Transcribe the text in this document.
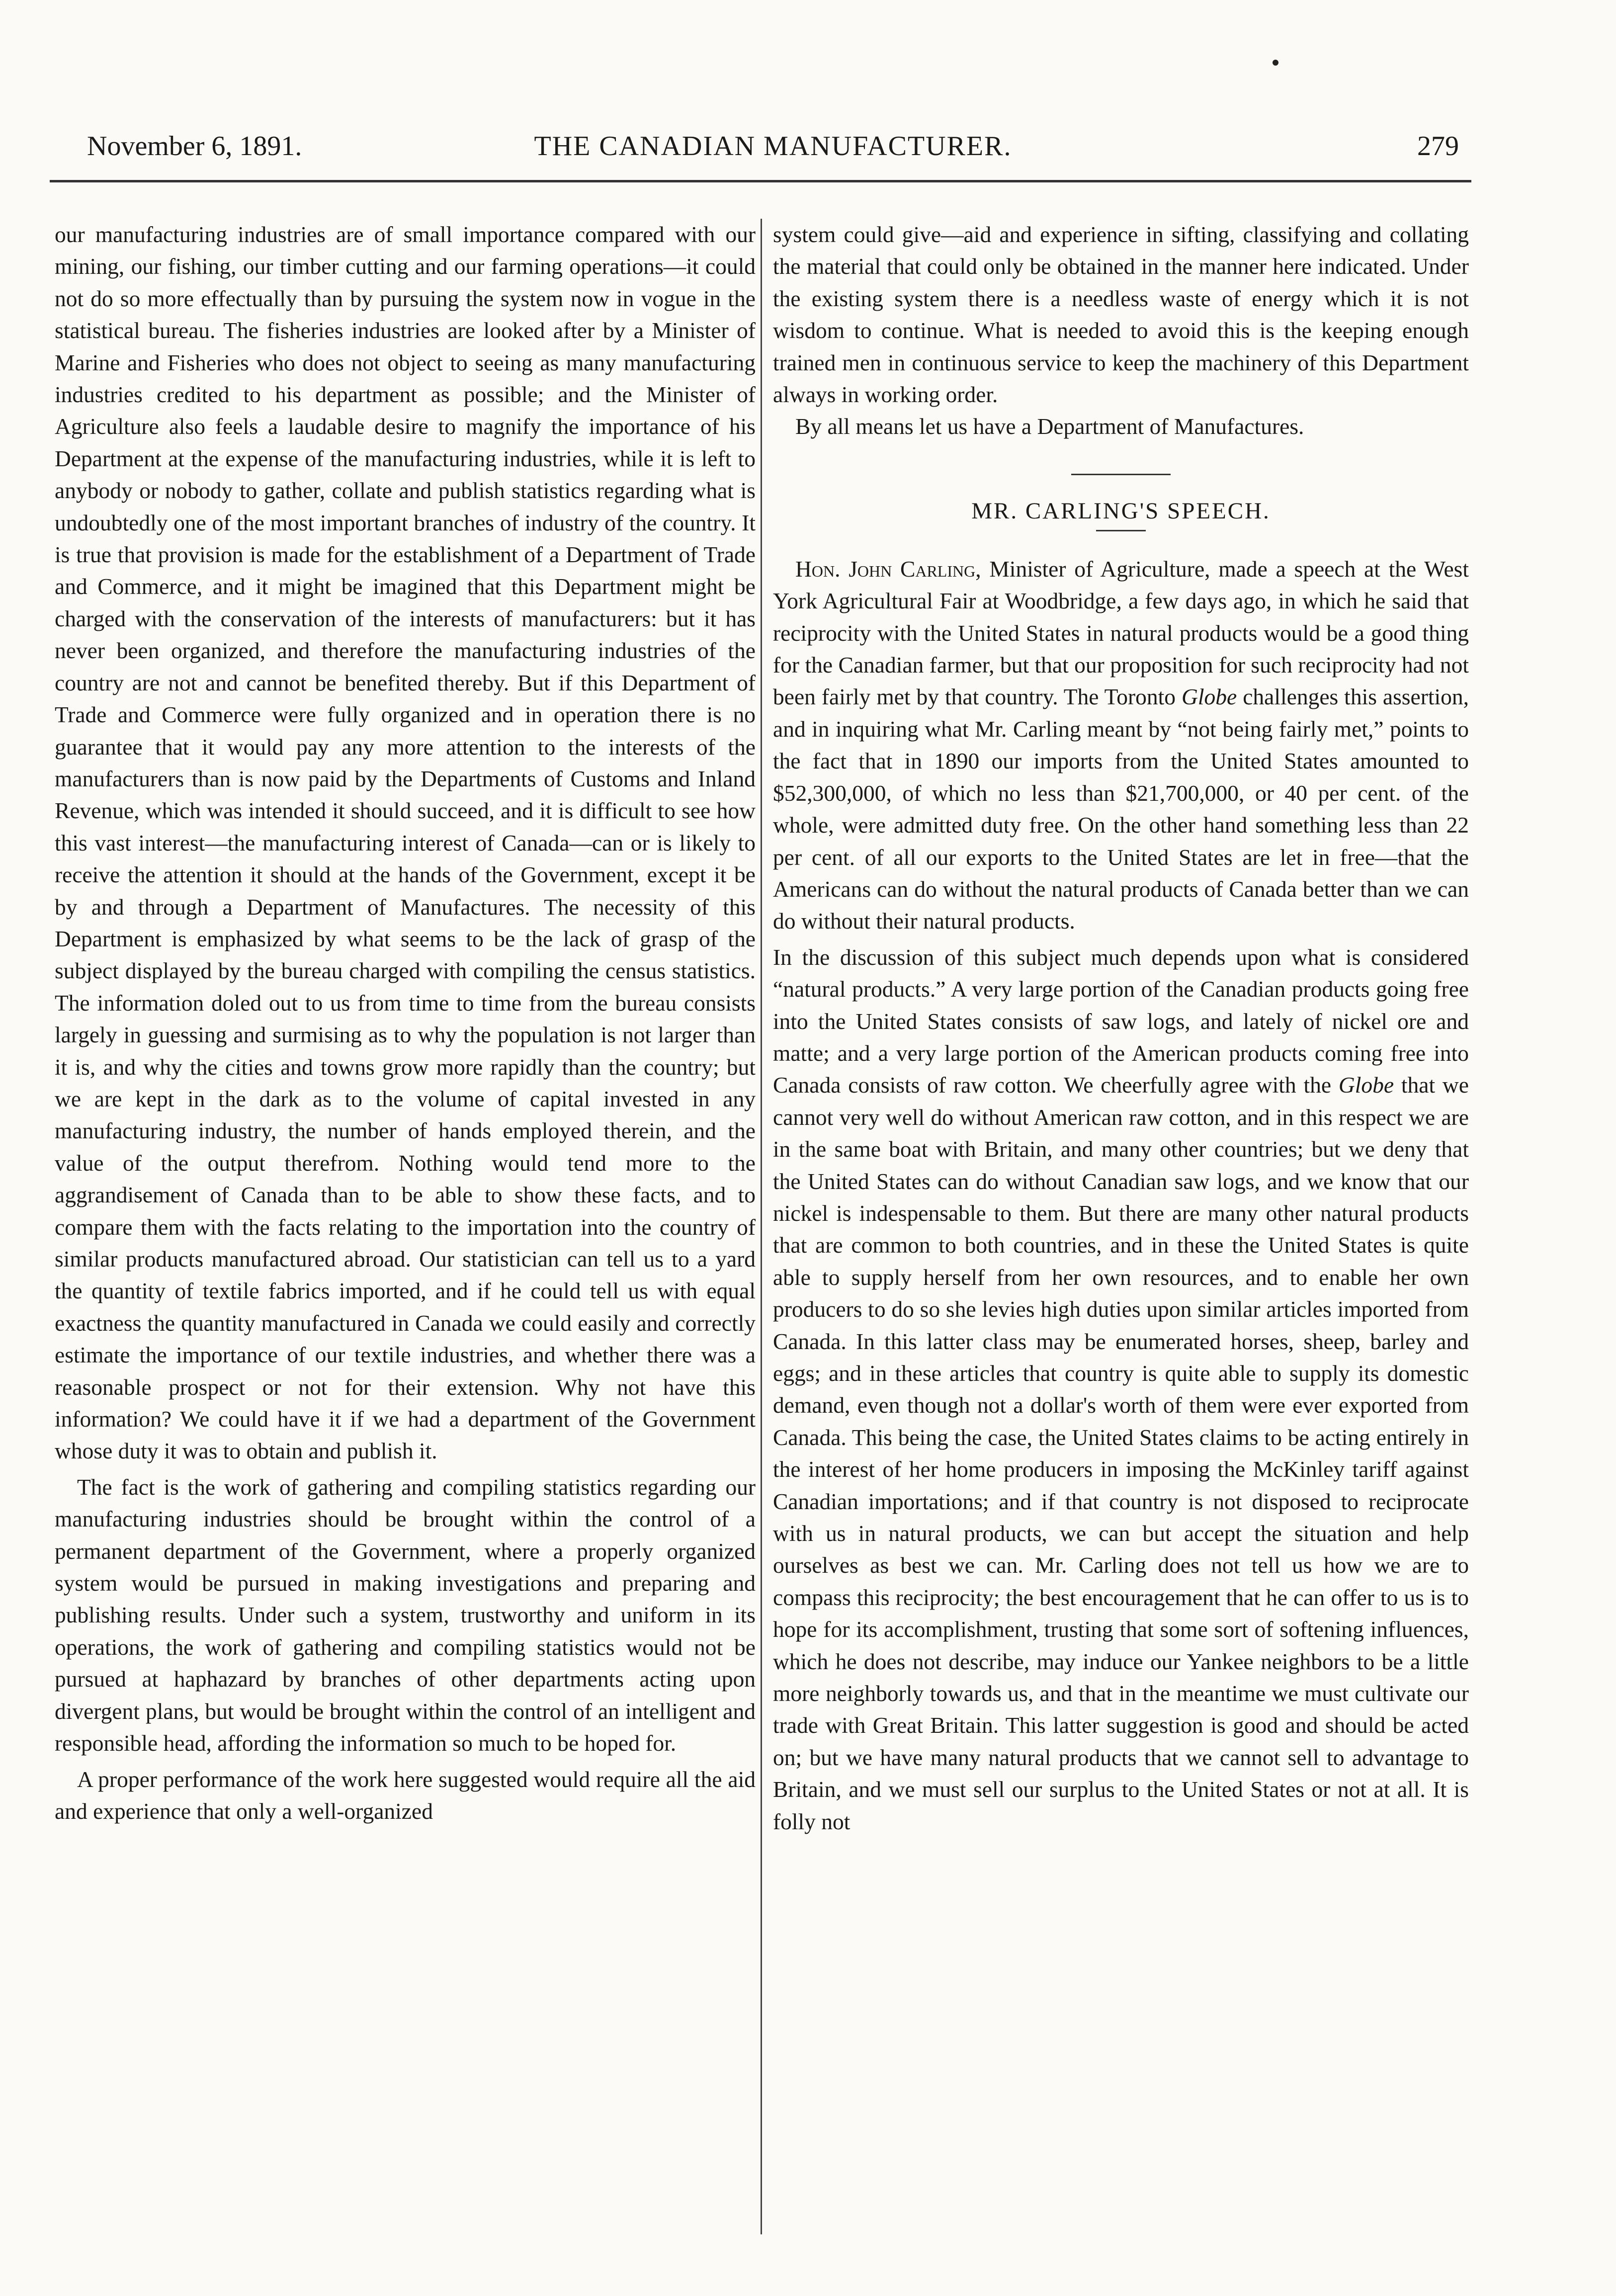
November 6, 1891.	THE CANADIAN MANUFACTURER.	279

our manufacturing industries are of small importance compared with our mining, our fishing, our timber cutting and our farming operations—it could not do so more effectually than by pursuing the system now in vogue in the statistical bureau. The fisheries industries are looked after by a Minister of Marine and Fisheries who does not object to seeing as many manufacturing industries credited to his department as possible; and the Minister of Agriculture also feels a laudable desire to magnify the importance of his Department at the expense of the manufacturing industries, while it is left to anybody or nobody to gather, collate and publish statistics regarding what is undoubtedly one of the most important branches of industry of the country. It is true that provision is made for the establishment of a Department of Trade and Commerce, and it might be imagined that this Department might be charged with the conservation of the interests of manufacturers: but it has never been organized, and therefore the manufacturing industries of the country are not and cannot be benefited thereby. But if this Department of Trade and Commerce were fully organized and in operation there is no guarantee that it would pay any more attention to the interests of the manufacturers than is now paid by the Departments of Customs and Inland Revenue, which was intended it should succeed, and it is difficult to see how this vast interest—the manufacturing interest of Canada—can or is likely to receive the attention it should at the hands of the Government, except it be by and through a Department of Manufactures. The necessity of this Department is emphasized by what seems to be the lack of grasp of the subject displayed by the bureau charged with compiling the census statistics. The information doled out to us from time to time from the bureau consists largely in guessing and surmising as to why the population is not larger than it is, and why the cities and towns grow more rapidly than the country; but we are kept in the dark as to the volume of capital invested in any manufacturing industry, the number of hands employed therein, and the value of the output therefrom. Nothing would tend more to the aggrandisement of Canada than to be able to show these facts, and to compare them with the facts relating to the importation into the country of similar products manufactured abroad. Our statistician can tell us to a yard the quantity of textile fabrics imported, and if he could tell us with equal exactness the quantity manufactured in Canada we could easily and correctly estimate the importance of our textile industries, and whether there was a reasonable prospect or not for their extension. Why not have this information? We could have it if we had a department of the Government whose duty it was to obtain and publish it.

The fact is the work of gathering and compiling statistics regarding our manufacturing industries should be brought within the control of a permanent department of the Government, where a properly organized system would be pursued in making investigations and preparing and publishing results. Under such a system, trustworthy and uniform in its operations, the work of gathering and compiling statistics would not be pursued at haphazard by branches of other departments acting upon divergent plans, but would be brought within the control of an intelligent and responsible head, affording the information so much to be hoped for.

A proper performance of the work here suggested would require all the aid and experience that only a well-organized

system could give—aid and experience in sifting, classifying and collating the material that could only be obtained in the manner here indicated. Under the existing system there is a needless waste of energy which it is not wisdom to continue. What is needed to avoid this is the keeping enough trained men in continuous service to keep the machinery of this Department always in working order.

By all means let us have a Department of Manufactures.

MR. CARLING'S SPEECH.

Hon. John Carling, Minister of Agriculture, made a speech at the West York Agricultural Fair at Woodbridge, a few days ago, in which he said that reciprocity with the United States in natural products would be a good thing for the Canadian farmer, but that our proposition for such reciprocity had not been fairly met by that country. The Toronto Globe challenges this assertion, and in inquiring what Mr. Carling meant by “not being fairly met,” points to the fact that in 1890 our imports from the United States amounted to $52,300,000, of which no less than $21,700,000, or 40 per cent. of the whole, were admitted duty free. On the other hand something less than 22 per cent. of all our exports to the United States are let in free—that the Americans can do without the natural products of Canada better than we can do without their natural products.

In the discussion of this subject much depends upon what is considered “natural products.” A very large portion of the Canadian products going free into the United States consists of saw logs, and lately of nickel ore and matte; and a very large portion of the American products coming free into Canada consists of raw cotton. We cheerfully agree with the Globe that we cannot very well do without American raw cotton, and in this respect we are in the same boat with Britain, and many other countries; but we deny that the United States can do without Canadian saw logs, and we know that our nickel is indespensable to them. But there are many other natural products that are common to both countries, and in these the United States is quite able to supply herself from her own resources, and to enable her own producers to do so she levies high duties upon similar articles imported from Canada. In this latter class may be enumerated horses, sheep, barley and eggs; and in these articles that country is quite able to supply its domestic demand, even though not a dollar's worth of them were ever exported from Canada. This being the case, the United States claims to be acting entirely in the interest of her home producers in imposing the McKinley tariff against Canadian importations; and if that country is not disposed to reciprocate with us in natural products, we can but accept the situation and help ourselves as best we can. Mr. Carling does not tell us how we are to compass this reciprocity; the best encouragement that he can offer to us is to hope for its accomplishment, trusting that some sort of softening influences, which he does not describe, may induce our Yankee neighbors to be a little more neighborly towards us, and that in the meantime we must cultivate our trade with Great Britain. This latter suggestion is good and should be acted on; but we have many natural products that we cannot sell to advantage to Britain, and we must sell our surplus to the United States or not at all. It is folly not
